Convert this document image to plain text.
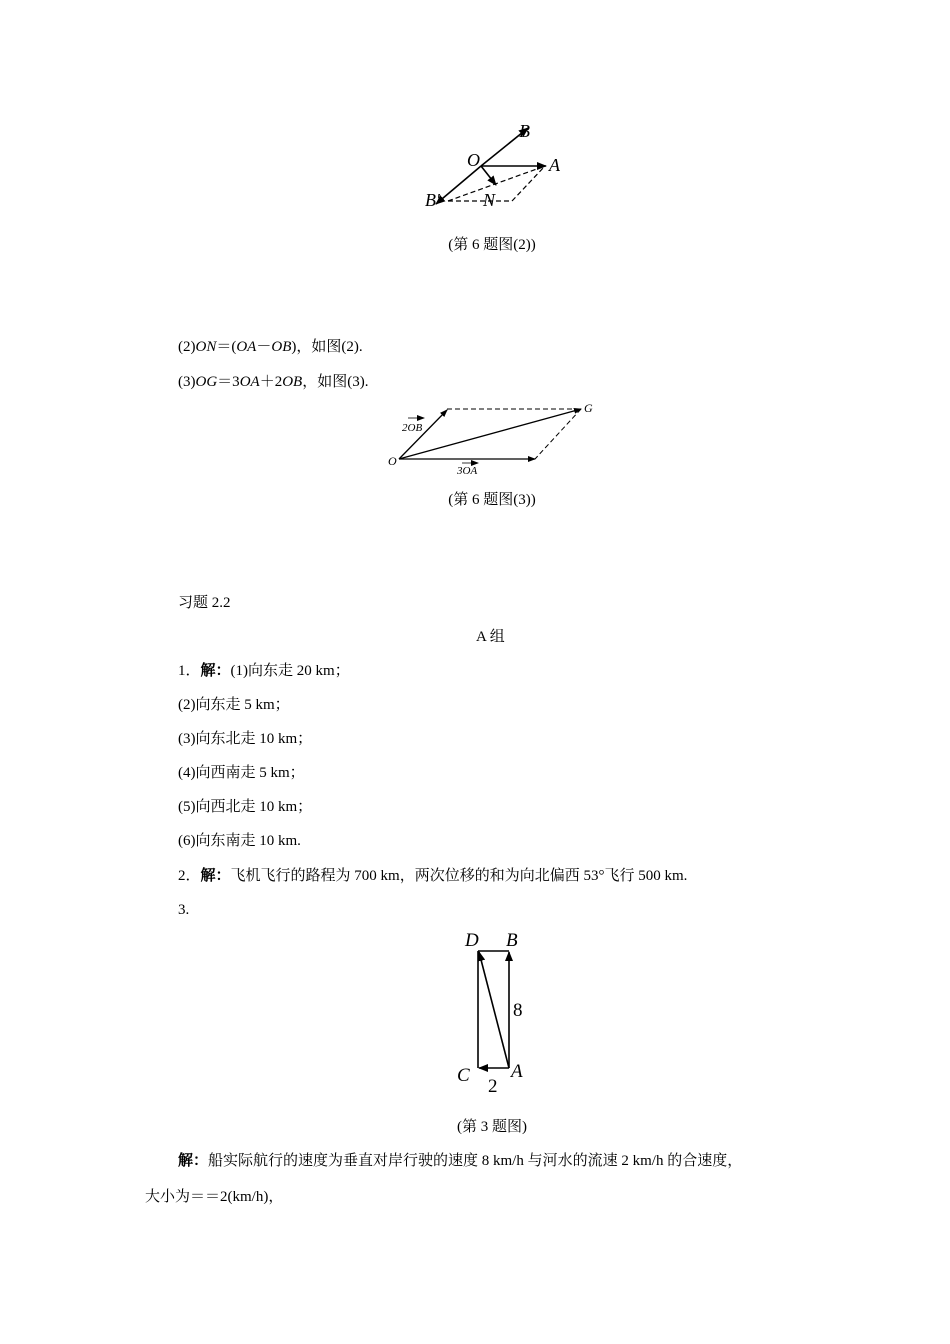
O
B
A
B′ N
(第 6 题图(2))
(2)ON＝(OA－OB)，如图(2).
(3)OG＝3OA＋2OB，如图(3).
O
G
2OB
3OA
(第 6 题图(3))
习题 2.2
A 组
1．解：(1)向东走 20 km；
(2)向东走 5 km；
(3)向东北走 10 km；
(4)向西南走 5 km；
(5)向西北走 10 km；
(6)向东南走 10 km.
2．解：飞机飞行的路程为 700 km，两次位移的和为向北偏西 53°飞行 500 km.
3.
D B
C A
8
2
(第 3 题图)
解：船实际航行的速度为垂直对岸行驶的速度 8 km/h 与河水的流速 2 km/h 的合速度，
大小为＝＝2(km/h)，
